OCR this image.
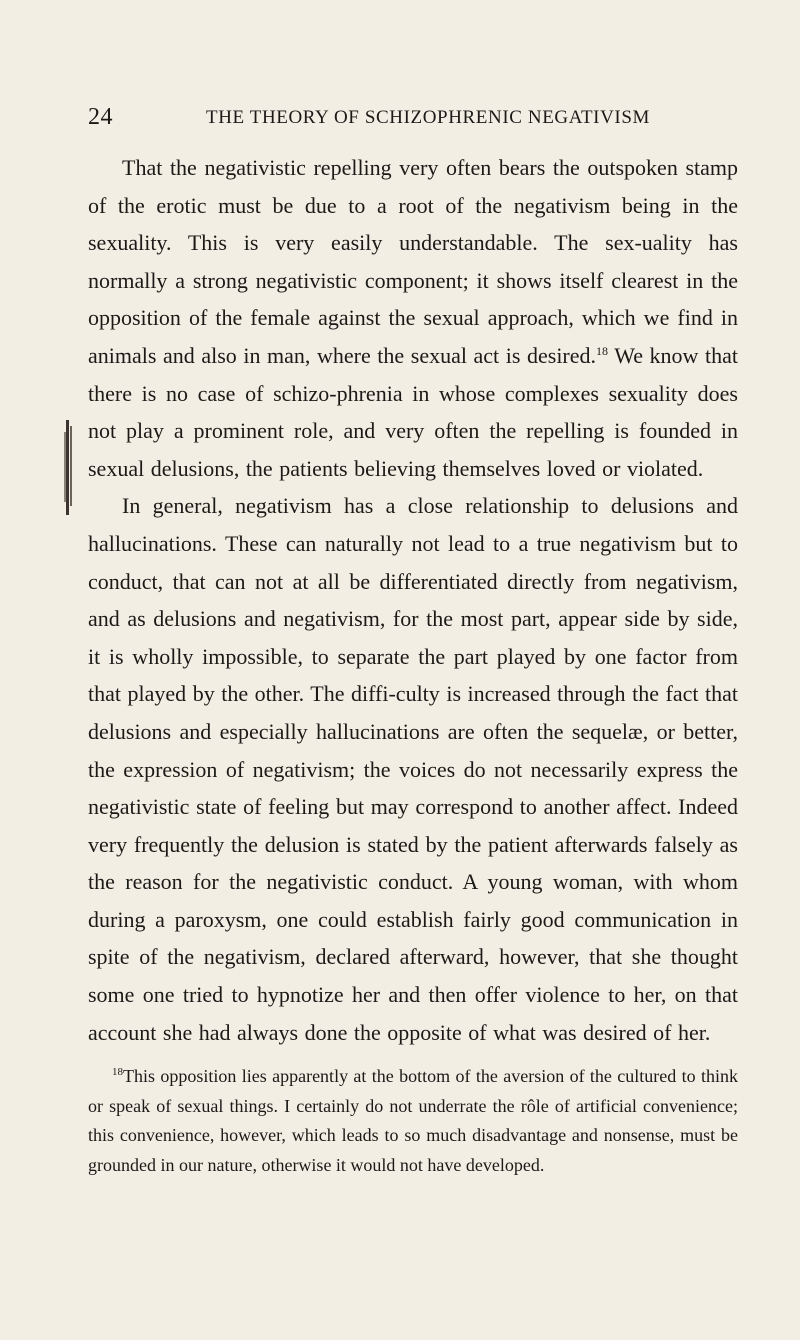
24	THE THEORY OF SCHIZOPHRENIC NEGATIVISM

That the negativistic repelling very often bears the outspoken stamp of the erotic must be due to a root of the negativism being in the sexuality. This is very easily understandable. The sex-uality has normally a strong negativistic component; it shows itself clearest in the opposition of the female against the sexual approach, which we find in animals and also in man, where the sexual act is desired.$^{18}$ We know that there is no case of schizo-phrenia in whose complexes sexuality does not play a prominent role, and very often the repelling is founded in sexual delusions, the patients believing themselves loved or violated.

In general, negativism has a close relationship to delusions and hallucinations. These can naturally not lead to a true negativism but to conduct, that can not at all be differentiated directly from negativism, and as delusions and negativism, for the most part, appear side by side, it is wholly impossible, to separate the part played by one factor from that played by the other. The diffi-culty is increased through the fact that delusions and especially hallucinations are often the sequelæ, or better, the expression of negativism; the voices do not necessarily express the negativistic state of feeling but may correspond to another affect. Indeed very frequently the delusion is stated by the patient afterwards falsely as the reason for the negativistic conduct. A young woman, with whom during a paroxysm, one could establish fairly good communication in spite of the negativism, declared afterward, however, that she thought some one tried to hypnotize her and then offer violence to her, on that account she had always done the opposite of what was desired of her.

$^{18}$This opposition lies apparently at the bottom of the aversion of the cultured to think or speak of sexual things. I certainly do not underrate the rôle of artificial convenience; this convenience, however, which leads to so much disadvantage and nonsense, must be grounded in our nature, otherwise it would not have developed.
